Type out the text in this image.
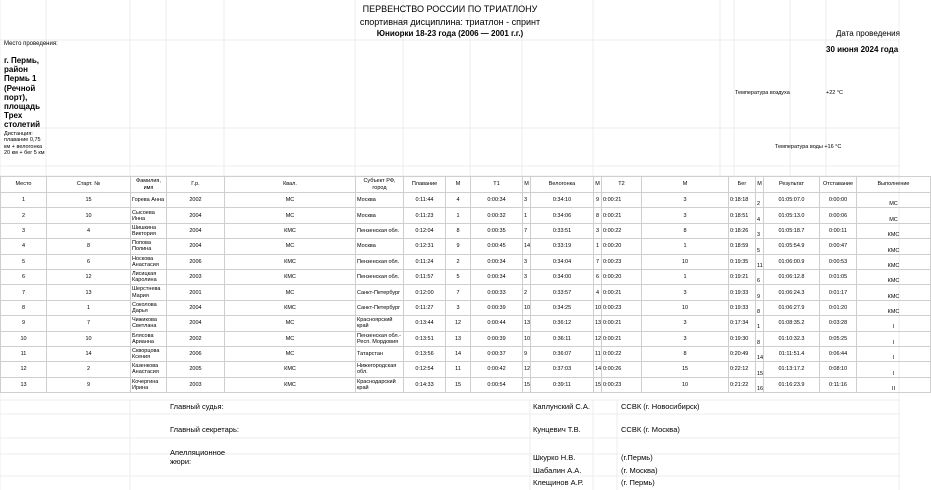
ПЕРВЕНСТВО РОССИИ ПО ТРИАТЛОНУ
спортивная дисциплина: триатлон - спринт
Юниорки 18-23 года (2006 — 2001 г.г.)	Дата проведения
30 июня 2024 года
Место проведения:
г. Пермь, район Пермь 1 (Речной порт), площадь Трех столетий
Дистанция: плавание 0,75 км + велогонка 20 км + бег 5 км
Температура воздуха	+22 °С
Температура воды +16 °С
Место	Старт. №	Фамилия, имя	Г.р.	Квал.	Субъект РФ, город	Плавание	М	Т1	М	Велогонка	М	Т2	М	Бег	М	Результат	Отставание	Выполнение
1	15	Горева Анна	2002	МС	Москва	0:11:44	4	0:00:34	3	0:34:10	9	0:00:21	3	0:18:18	2	01:05:07.0	0:00:00	МС
2	10	Сысоева Инна	2004	МС	Москва	0:11:23	1	0:00:32	1	0:34:06	8	0:00:21	3	0:18:51	4	01:05:13.0	0:00:06	МС
3	4	Шишкина Виктория	2004	КМС	Пензенская обл.	0:12:04	8	0:00:35	7	0:33:51	3	0:00:22	8	0:18:26	3	01:05:18.7	0:00:11	КМС
4	8	Попова Полина	2004	МС	Москва	0:12:31	9	0:00:45	14	0:33:19	1	0:00:20	1	0:18:59	5	01:05:54.9	0:00:47	КМС
5	6	Носкова Анастасия	2006	КМС	Пензенская обл.	0:11:24	2	0:00:34	3	0:34:04	7	0:00:23	10	0:19:35	11	01:06:00.9	0:00:53	КМС
6	12	Лисицкая Каролина	2003	КМС	Пензенская обл.	0:11:57	5	0:00:34	3	0:34:00	6	0:00:20	1	0:19:21	6	01:06:12.8	0:01:05	КМС
7	13	Шерстнева Мария	2001	МС	Санкт-Петербург	0:12:00	7	0:00:33	2	0:33:57	4	0:00:21	3	0:19:33	9	01:06:24.3	0:01:17	КМС
8	1	Соколова Дарья	2004	КМС	Санкт-Петербург	0:11:27	3	0:00:39	10	0:34:25	10	0:00:23	10	0:19:33	8	01:06:27.9	0:01:20	КМС
9	7	Чижикова Светлана	2004	МС	Красноярский край	0:13:44	12	0:00:44	13	0:36:12	13	0:00:21	3	0:17:34	1	01:08:35.2	0:03:28	I
10	10	Блясова Арианна	2002	МС	Пензенская обл.-Респ. Мордовия	0:13:51	13	0:00:39	10	0:36:11	12	0:00:21	3	0:19:30	8	01:10:32.3	0:05:25	I
11	14	Скворцова Ксения	2006	МС	Татарстан	0:13:56	14	0:00:37	9	0:36:07	11	0:00:22	8	0:20:49	14	01:11:51.4	0:06:44	I
12	2	Казенкова Анастасия	2005	КМС	Нижегородская обл.	0:12:54	11	0:00:42	12	0:37:03	14	0:00:26	15	0:22:12	15	01:13:17.2	0:08:10	I
13	9	Кочергина Ирина	2003	КМС	Краснодарский край	0:14:33	15	0:00:54	15	0:39:11	15	0:00:23	10	0:21:22	16	01:16:23.9	0:11:16	II
Главный судья:	Каплунский С.А.	ССВК (г. Новосибирск)
Главный секретарь:	Кунцевич Т.В.	ССВК (г. Москва)
Апелляционное жюри:	Шкурко Н.В.	(г.Пермь)
Шабалин А.А.	(г. Москва)
Клещинов А.Р.	(г. Пермь)
